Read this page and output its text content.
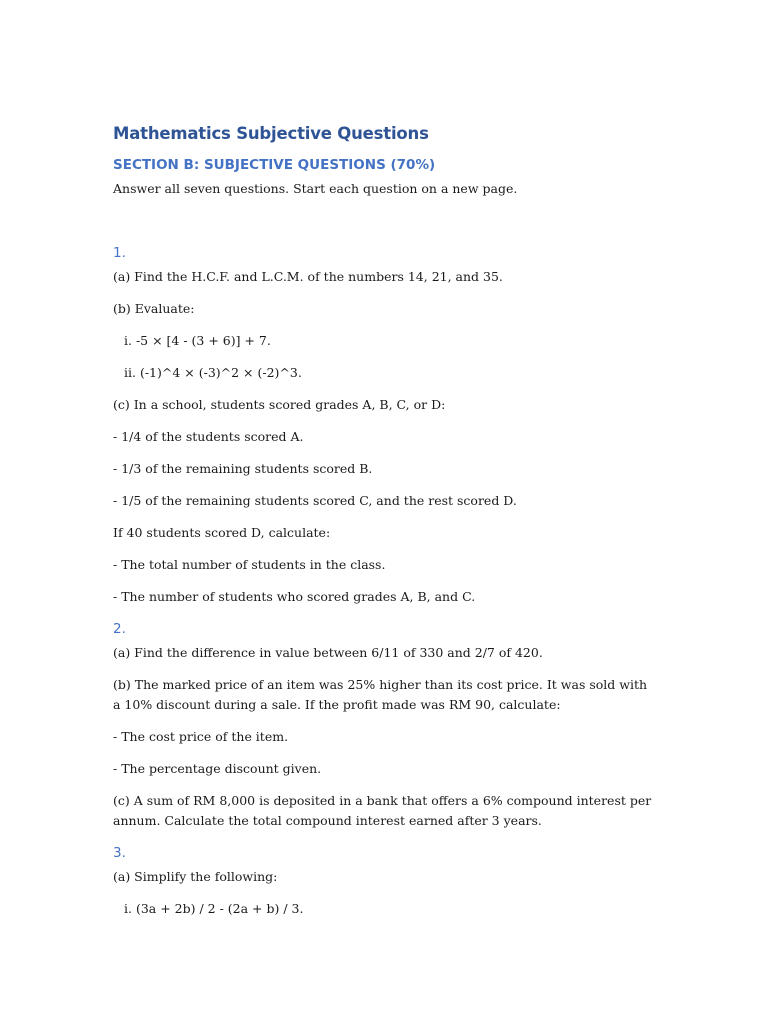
Mathematics Subjective Questions
SECTION B: SUBJECTIVE QUESTIONS (70%)

Answer all seven questions. Start each question on a new page.

1.

(a) Find the H.C.F. and L.C.M. of the numbers 14, 21, and 35.

(b) Evaluate:

i. -5 × [4 - (3 + 6)] + 7.

ii. (-1)^4 × (-3)^2 × (-2)^3.

(c) In a school, students scored grades A, B, C, or D:

- 1/4 of the students scored A.

- 1/3 of the remaining students scored B.

- 1/5 of the remaining students scored C, and the rest scored D.

If 40 students scored D, calculate:

- The total number of students in the class.

- The number of students who scored grades A, B, and C.

2.

(a) Find the difference in value between 6/11 of 330 and 2/7 of 420.

(b) The marked price of an item was 25% higher than its cost price. It was sold with a 10% discount during a sale. If the profit made was RM 90, calculate:

- The cost price of the item.

- The percentage discount given.

(c) A sum of RM 8,000 is deposited in a bank that offers a 6% compound interest per annum. Calculate the total compound interest earned after 3 years.

3.

(a) Simplify the following:

i. (3a + 2b) / 2 - (2a + b) / 3.
